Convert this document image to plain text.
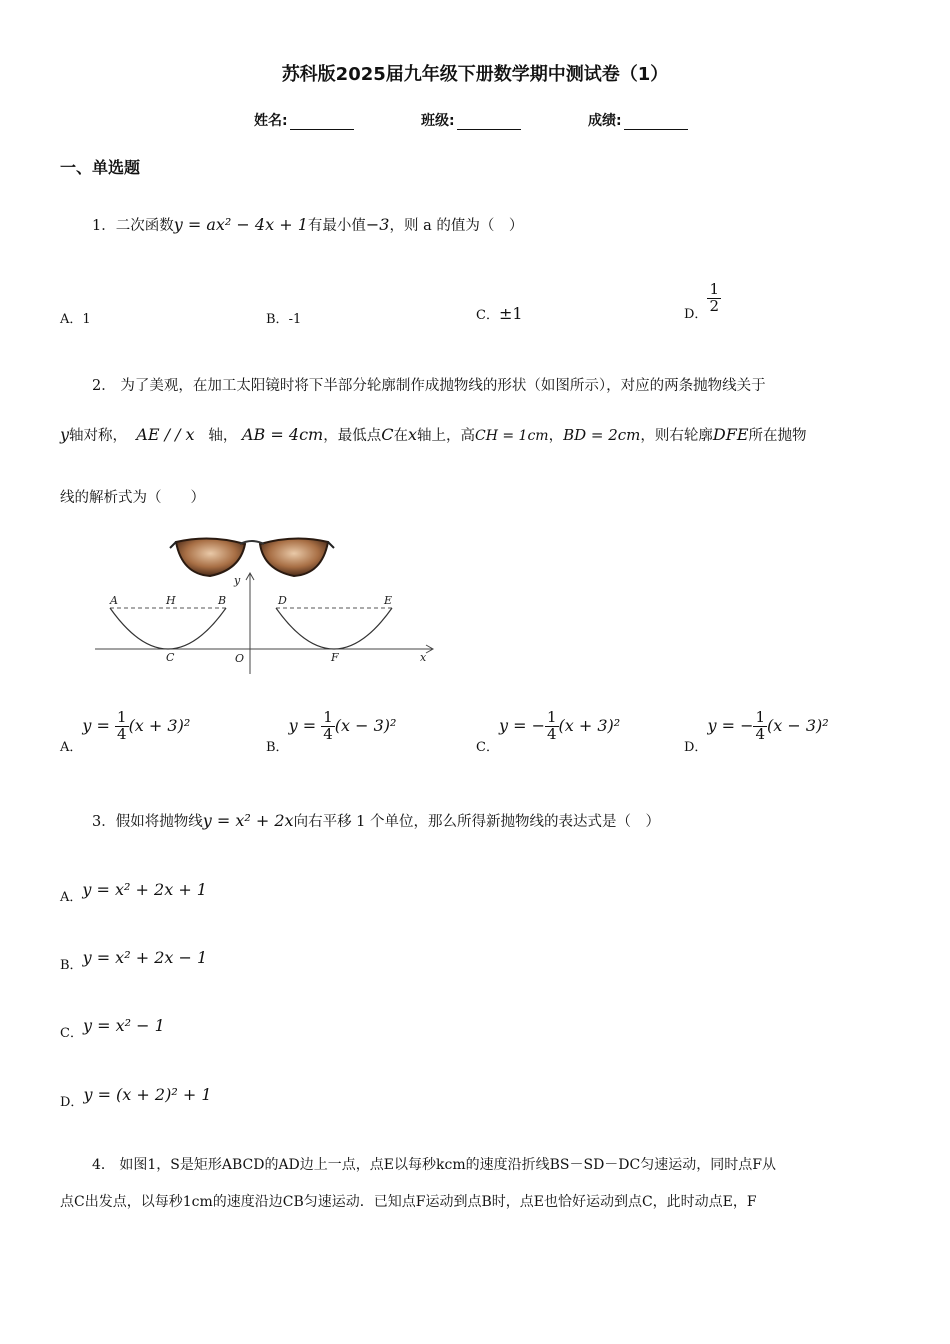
苏科版2025届九年级下册数学期中测试卷（1）
姓名:	班级:	成绩:
一、单选题
1．二次函数y = ax² − 4x + 1有最小值−3，则 a 的值为（　）
A．1	B．-1	C．±1	D． $\frac{1}{2}$
2． 为了美观，在加工太阳镜时将下半部分轮廓制作成抛物线的形状（如图所示），对应的两条抛物线关于
y轴对称， AE / / x 轴， AB = 4cm，最低点C在x轴上，高CH = 1cm，BD = 2cm，则右轮廓DFE所在抛物
线的解析式为（　　）
A	H	B	D	E
C	O	F	x
y
A．$y = \frac{1}{4} (x + 3)^2$
B．$y = \frac{1}{4} (x - 3)^2$
C．y = − $\frac{1}{4} (x + 3)^2$
D．y = − $\frac{1}{4} (x - 3)^2$
3．假如将抛物线y = x² + 2x向右平移 1 个单位，那么所得新抛物线的表达式是（　）
A．y = x² + 2x + 1
B．y = x² + 2x − 1
C．y = x² − 1
D．y = (x + 2)² + 1
4． 如图1，S是矩形ABCD的AD边上一点，点E以每秒kcm的速度沿折线BS－SD－DC匀速运动，同时点F从
点C出发点，以每秒1cm的速度沿边CB匀速运动．已知点F运动到点B时，点E也恰好运动到点C，此时动点E，F
